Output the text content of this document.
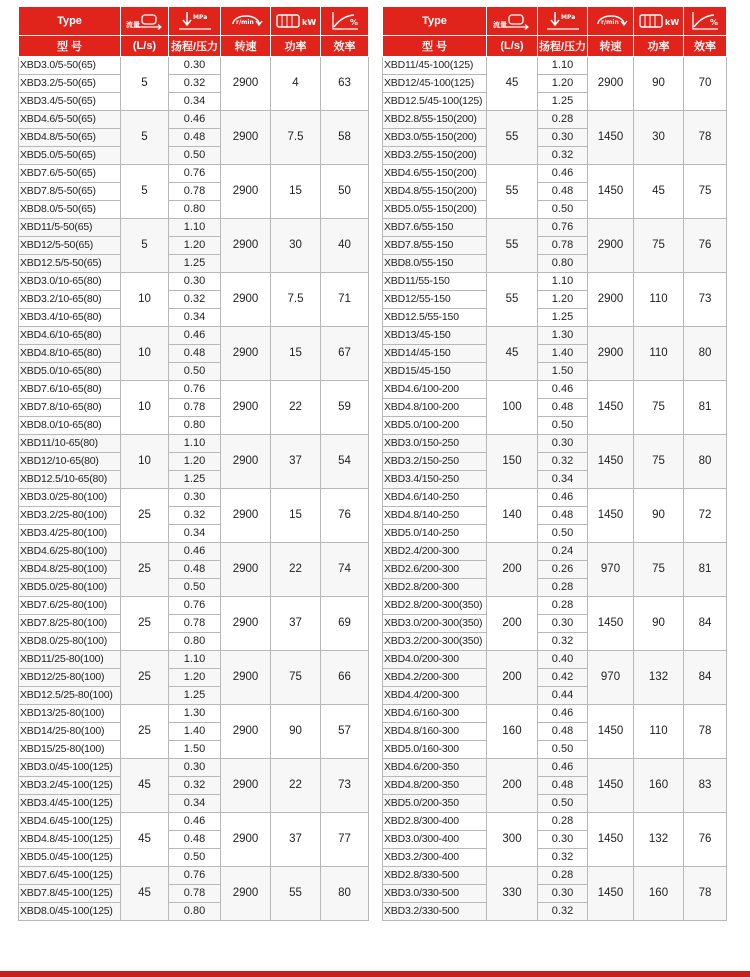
Type	流量	MPa	r/min	kW	%

型 号	(L/s)	扬程/压力	转速	功率	效率
XBD3.0/5-50(65)	5	0.30	2900	4	63
XBD3.2/5-50(65)		0.32			
XBD3.4/5-50(65)		0.34			
XBD4.6/5-50(65)	5	0.46	2900	7.5	58
XBD4.8/5-50(65)		0.48			
XBD5.0/5-50(65)		0.50			
XBD7.6/5-50(65)	5	0.76	2900	15	50
XBD7.8/5-50(65)		0.78			
XBD8.0/5-50(65)		0.80			
XBD11/5-50(65)	5	1.10	2900	30	40
XBD12/5-50(65)		1.20			
XBD12.5/5-50(65)		1.25			
XBD3.0/10-65(80)	10	0.30	2900	7.5	71
XBD3.2/10-65(80)		0.32			
XBD3.4/10-65(80)		0.34			
XBD4.6/10-65(80)	10	0.46	2900	15	67
XBD4.8/10-65(80)		0.48			
XBD5.0/10-65(80)		0.50			
XBD7.6/10-65(80)	10	0.76	2900	22	59
XBD7.8/10-65(80)		0.78			
XBD8.0/10-65(80)		0.80			
XBD11/10-65(80)	10	1.10	2900	37	54
XBD12/10-65(80)		1.20			
XBD12.5/10-65(80)		1.25			
XBD3.0/25-80(100)	25	0.30	2900	15	76
XBD3.2/25-80(100)		0.32			
XBD3.4/25-80(100)		0.34			
XBD4.6/25-80(100)	25	0.46	2900	22	74
XBD4.8/25-80(100)		0.48			
XBD5.0/25-80(100)		0.50			
XBD7.6/25-80(100)	25	0.76	2900	37	69
XBD7.8/25-80(100)		0.78			
XBD8.0/25-80(100)		0.80			
XBD11/25-80(100)	25	1.10	2900	75	66
XBD12/25-80(100)		1.20			
XBD12.5/25-80(100)		1.25			
XBD13/25-80(100)	25	1.30	2900	90	57
XBD14/25-80(100)		1.40			
XBD15/25-80(100)		1.50			
XBD3.0/45-100(125)	45	0.30	2900	22	73
XBD3.2/45-100(125)		0.32			
XBD3.4/45-100(125)		0.34			
XBD4.6/45-100(125)	45	0.46	2900	37	77
XBD4.8/45-100(125)		0.48			
XBD5.0/45-100(125)		0.50			
XBD7.6/45-100(125)	45	0.76	2900	55	80
XBD7.8/45-100(125)		0.78			
XBD8.0/45-100(125)		0.80			
Type	流量	MPa	r/min	kW	%

型 号	(L/s)	扬程/压力	转速	功率	效率
XBD11/45-100(125)	45	1.10	2900	90	70
XBD12/45-100(125)		1.20			
XBD12.5/45-100(125)		1.25			
XBD2.8/55-150(200)	55	0.28	1450	30	78
XBD3.0/55-150(200)		0.30			
XBD3.2/55-150(200)		0.32			
XBD4.6/55-150(200)	55	0.46	1450	45	75
XBD4.8/55-150(200)		0.48			
XBD5.0/55-150(200)		0.50			
XBD7.6/55-150	55	0.76	2900	75	76
XBD7.8/55-150		0.78			
XBD8.0/55-150		0.80			
XBD11/55-150	55	1.10	2900	110	73
XBD12/55-150		1.20			
XBD12.5/55-150		1.25			
XBD13/45-150	45	1.30	2900	110	80
XBD14/45-150		1.40			
XBD15/45-150		1.50			
XBD4.6/100-200	100	0.46	1450	75	81
XBD4.8/100-200		0.48			
XBD5.0/100-200		0.50			
XBD3.0/150-250	150	0.30	1450	75	80
XBD3.2/150-250		0.32			
XBD3.4/150-250		0.34			
XBD4.6/140-250	140	0.46	1450	90	72
XBD4.8/140-250		0.48			
XBD5.0/140-250		0.50			
XBD2.4/200-300	200	0.24	970	75	81
XBD2.6/200-300		0.26			
XBD2.8/200-300		0.28			
XBD2.8/200-300(350)	200	0.28	1450	90	84
XBD3.0/200-300(350)		0.30			
XBD3.2/200-300(350)		0.32			
XBD4.0/200-300	200	0.40	970	132	84
XBD4.2/200-300		0.42			
XBD4.4/200-300		0.44			
XBD4.6/160-300	160	0.46	1450	110	78
XBD4.8/160-300		0.48			
XBD5.0/160-300		0.50			
XBD4.6/200-350	200	0.46	1450	160	83
XBD4.8/200-350		0.48			
XBD5.0/200-350		0.50			
XBD2.8/300-400	300	0.28	1450	132	76
XBD3.0/300-400		0.30			
XBD3.2/300-400		0.32			
XBD2.8/330-500	330	0.28	1450	160	78
XBD3.0/330-500		0.30			
XBD3.2/330-500		0.32			
